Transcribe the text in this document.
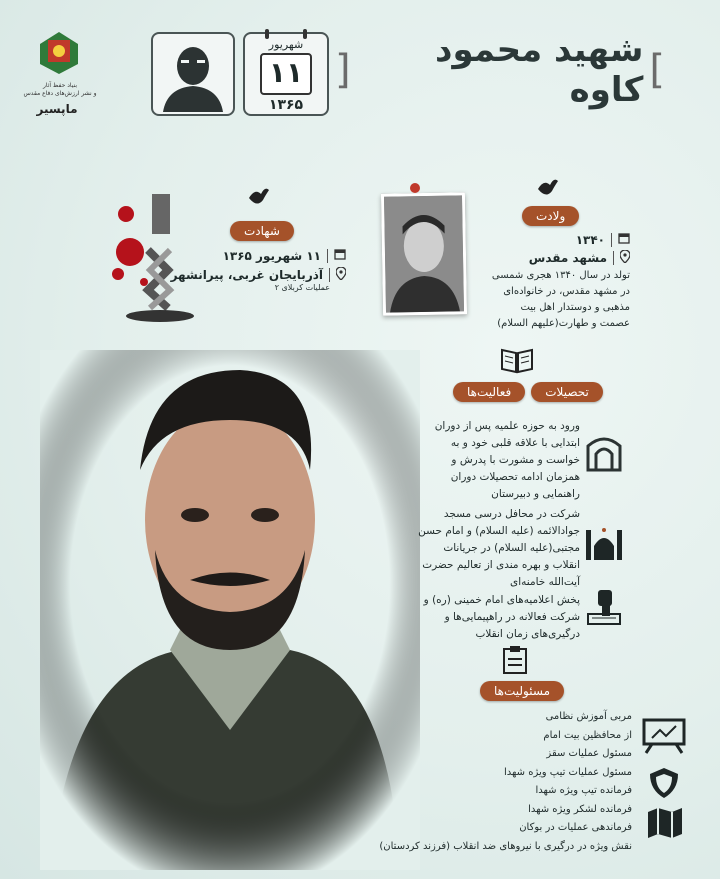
بنیاد حفظ آثار
و نشر ارزش‌های دفاع مقدس
ماپسیر
شهریور
۱۱
۱۳۶۵
]
شهید محمود کاوه
[
شهادت
۱۱ شهریور ۱۳۶۵
آذربایجان غربی، پیرانشهر
عملیات کربلای ۲
ولادت
۱۳۴۰
مشهد مقدس
تولد در سال ۱۳۴۰ هجری شمسی
در مشهد مقدس، در خانواده‌ای
مذهبی و دوستدار اهل بیت
عصمت و طهارت(علیهم السلام)
تحصیلات
فعالیت‌ها
ورود به حوزه علمیه پس از دوران
ابتدایی با علاقه قلبی خود و به
خواست و مشورت با پدرش و
همزمان ادامه تحصیلات دوران
راهنمایی و دبیرستان
شرکت در محافل درسی مسجد
جوادالائمه (علیه السلام) و امام حسن
مجتبی(علیه السلام) در جریانات
انقلاب و بهره مندی از تعالیم حضرت
آیت‌الله خامنه‌ای
پخش اعلامیه‌های امام خمینی (ره) و
شرکت فعالانه در راهپیمایی‌ها و
درگیری‌های زمان انقلاب
مسئولیت‌ها
مربی آموزش نظامی
از محافظین بیت امام
مسئول عملیات سقز
مسئول عملیات تیپ ویژه شهدا
فرمانده تیپ ویژه شهدا
فرمانده لشکر ویژه شهدا
فرماندهی عملیات در بوکان
نقش ویژه در درگیری با نیروهای ضد انقلاب (فرزند کردستان)
